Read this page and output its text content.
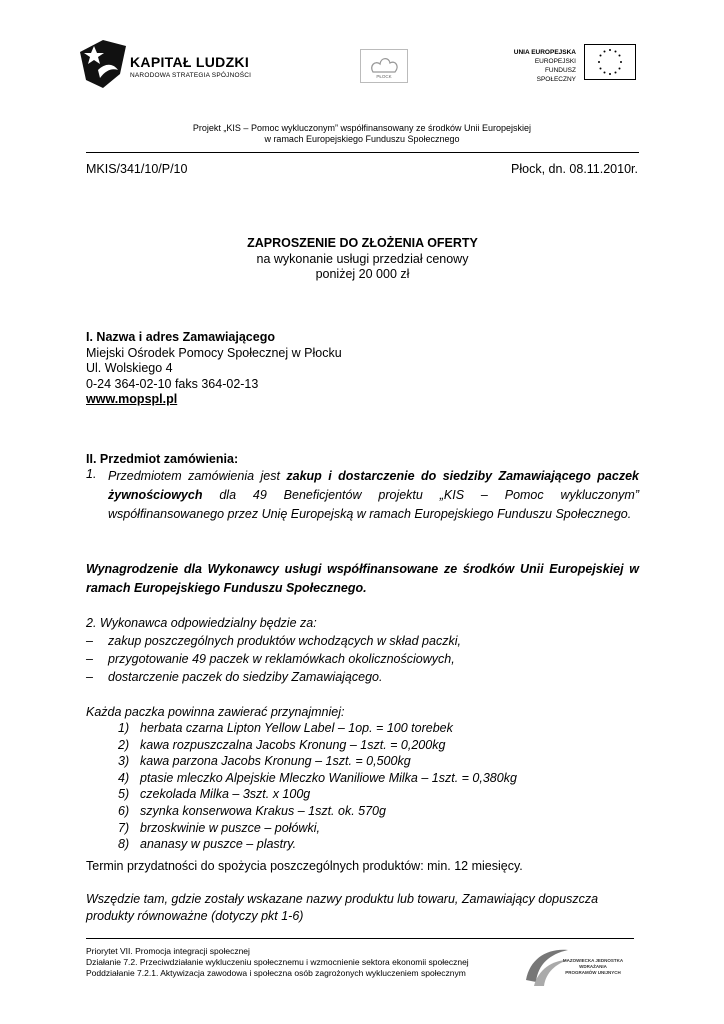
KAPITAŁ LUDZKI
NARODOWA STRATEGIA SPÓJNOŚCI	PŁOCK
UNIA EUROPEJSKA
EUROPEJSKI
FUNDUSZ SPOŁECZNY
Projekt „KIS – Pomoc wykluczonym” współfinansowany ze środków Unii Europejskiej
w ramach Europejskiego Funduszu Społecznego
MKIS/341/10/P/10	Płock, dn. 08.11.2010r.
ZAPROSZENIE DO ZŁOŻENIA OFERTY
na wykonanie usługi przedział cenowy
poniżej 20 000 zł
I. Nazwa i adres Zamawiającego
Miejski Ośrodek Pomocy Społecznej w Płocku
Ul. Wolskiego 4
0-24 364-02-10 faks 364-02-13
www.mopspl.pl
II. Przedmiot zamówienia:
1. Przedmiotem zamówienia jest zakup i dostarczenie do siedziby Zamawiającego paczek żywnościowych dla 49 Beneficjentów projektu „KIS – Pomoc wykluczonym” współfinansowanego przez Unię Europejską w ramach Europejskiego Funduszu Społecznego.
Wynagrodzenie dla Wykonawcy usługi współfinansowane ze środków Unii Europejskiej w ramach Europejskiego Funduszu Społecznego.
2. Wykonawca odpowiedzialny będzie za:
– zakup poszczególnych produktów wchodzących w skład paczki,
– przygotowanie 49 paczek w reklamówkach okolicznościowych,
– dostarczenie paczek do siedziby Zamawiającego.
Każda paczka powinna zawierać przynajmniej:
1) herbata czarna Lipton Yellow Label – 1op. = 100 torebek
2) kawa rozpuszczalna Jacobs Kronung – 1szt. = 0,200kg
3) kawa parzona Jacobs Kronung – 1szt. = 0,500kg
4) ptasie mleczko Alpejskie Mleczko Waniliowe Milka – 1szt. = 0,380kg
5) czekolada Milka – 3szt. x 100g
6) szynka konserwowa Krakus – 1szt. ok. 570g
7) brzoskwinie w puszce – połówki,
8) ananasy w puszce – plastry.
Termin przydatności do spożycia poszczególnych produktów: min. 12 miesięcy.
Wszędzie tam, gdzie zostały wskazane nazwy produktu lub towaru, Zamawiający dopuszcza produkty równoważne (dotyczy pkt 1-6)
Priorytet VII. Promocja integracji społecznej
Działanie 7.2. Przeciwdziałanie wykluczeniu społecznemu i wzmocnienie sektora ekonomii społecznej
Poddziałanie 7.2.1. Aktywizacja zawodowa i społeczna osób zagrożonych wykluczeniem społecznym
MAZOWIECKA JEDNOSTKA
WDRAŻANIA
PROGRAMÓW UNIJNYCH
